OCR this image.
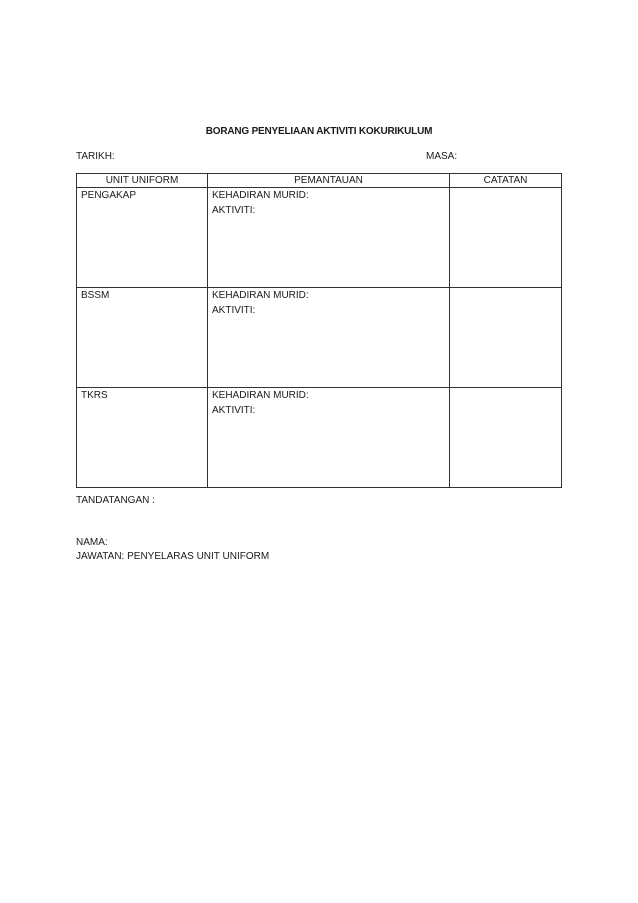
BORANG PENYELIAAN AKTIVITI KOKURIKULUM
TARIKH:	MASA:
UNIT UNIFORM	PEMANTAUAN	CATATAN
PENGAKAP	KEHADIRAN MURID:
AKTIVITI:	

BSSM	KEHADIRAN MURID:
AKTIVITI:	

TKRS	KEHADIRAN MURID:
AKTIVITI:	

TANDATANGAN :
NAMA:
JAWATAN: PENYELARAS UNIT UNIFORM
